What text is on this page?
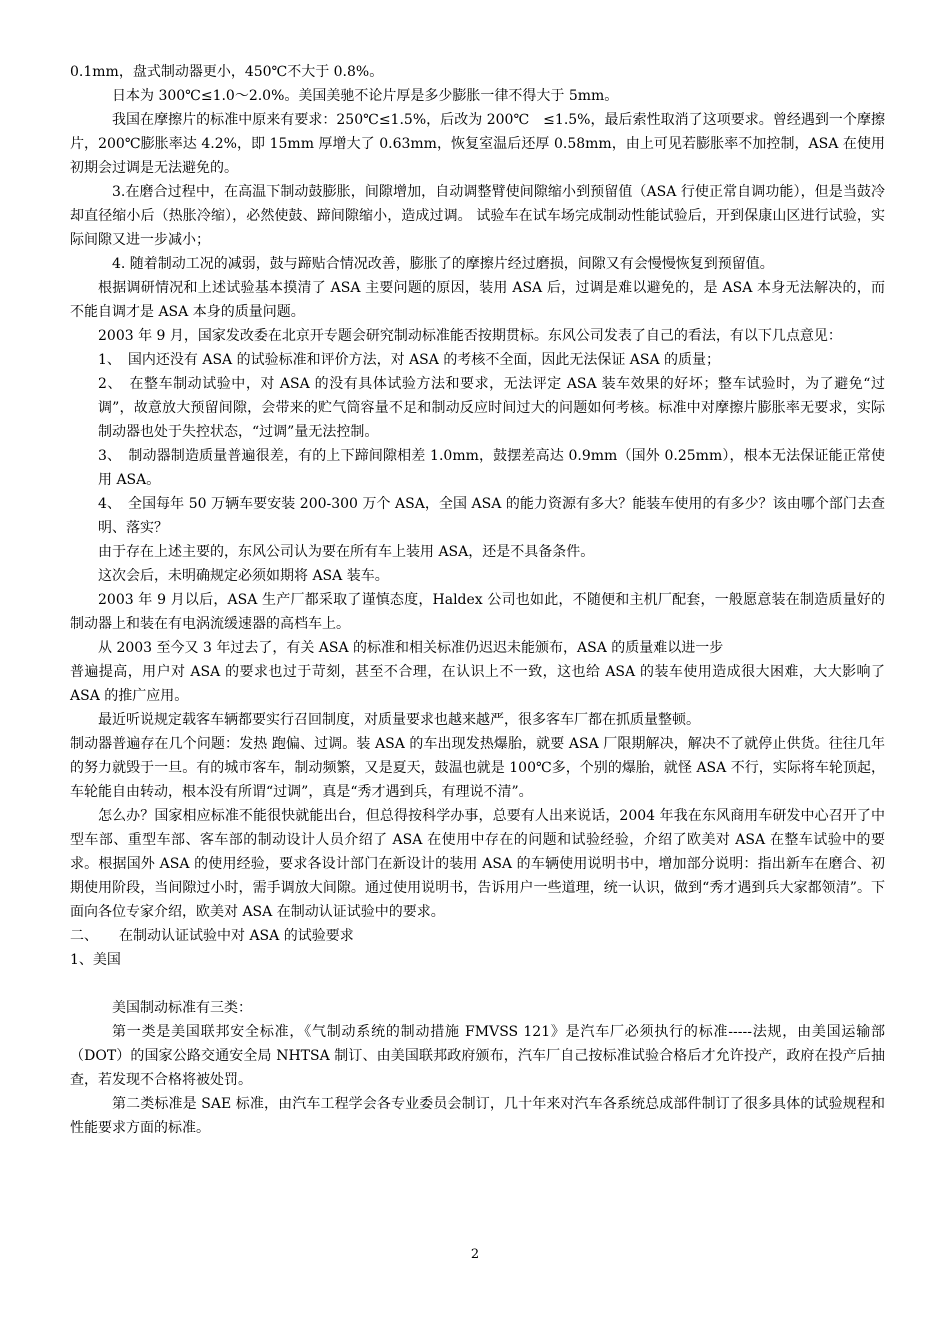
0.1mm，盘式制动器更小，450℃不大于 0.8%。

日本为 300℃≤1.0～2.0%。美国美驰不论片厚是多少膨胀一律不得大于 5mm。

我国在摩擦片的标准中原来有要求：250℃≤1.5%，后改为 200℃　≤1.5%，最后索性取消了这项要求。曾经遇到一个摩擦片，200℃膨胀率达 4.2%，即 15mm 厚增大了 0.63mm，恢复室温后还厚 0.58mm，由上可见若膨胀率不加控制，ASA 在使用初期会过调是无法避免的。

3.在磨合过程中，在高温下制动鼓膨胀，间隙增加，自动调整臂使间隙缩小到预留值（ASA 行使正常自调功能），但是当鼓冷却直径缩小后（热胀冷缩），必然使鼓、蹄间隙缩小，造成过调。 试验车在试车场完成制动性能试验后，开到保康山区进行试验，实际间隙又进一步减小；

4. 随着制动工况的减弱，鼓与蹄贴合情况改善，膨胀了的摩擦片经过磨损，间隙又有会慢慢恢复到预留值。

根据调研情况和上述试验基本摸清了 ASA 主要问题的原因，装用 ASA 后，过调是难以避免的，是 ASA 本身无法解决的，而不能自调才是 ASA 本身的质量问题。

2003 年 9 月，国家发改委在北京开专题会研究制动标准能否按期贯标。东风公司发表了自己的看法，有以下几点意见：

1、　国内还没有 ASA 的试验标准和评价方法，对 ASA 的考核不全面，因此无法保证 ASA 的质量；

2、　在整车制动试验中，对 ASA 的没有具体试验方法和要求，无法评定 ASA 装车效果的好坏；整车试验时，为了避免“过调”，故意放大预留间隙，会带来的贮气筒容量不足和制动反应时间过大的问题如何考核。标准中对摩擦片膨胀率无要求，实际制动器也处于失控状态，“过调”量无法控制。

3、　制动器制造质量普遍很差，有的上下蹄间隙相差 1.0mm，鼓摆差高达 0.9mm（国外 0.25mm），根本无法保证能正常使用 ASA。

4、　全国每年 50 万辆车要安装 200-300 万个 ASA，全国 ASA 的能力资源有多大？能装车使用的有多少？该由哪个部门去查明、落实？

由于存在上述主要的，东风公司认为要在所有车上装用 ASA，还是不具备条件。

这次会后，未明确规定必须如期将 ASA 装车。

2003 年 9 月以后，ASA 生产厂都采取了谨慎态度，Haldex 公司也如此，不随便和主机厂配套，一般愿意装在制造质量好的制动器上和装在有电涡流缓速器的高档车上。

从 2003 至今又 3 年过去了，有关 ASA 的标准和相关标准仍迟迟未能颁布，ASA 的质量难以进一步

普遍提高，用户对 ASA 的要求也过于苛刻，甚至不合理，在认识上不一致，这也给 ASA 的装车使用造成很大困难，大大影响了 ASA 的推广应用。

最近听说规定载客车辆都要实行召回制度，对质量要求也越来越严，很多客车厂都在抓质量整顿。

制动器普遍存在几个问题：发热 跑偏、过调。装 ASA 的车出现发热爆胎，就要 ASA 厂限期解决，解决不了就停止供货。往往几年的努力就毁于一旦。有的城市客车，制动频繁，又是夏天，鼓温也就是 100℃多，个别的爆胎，就怪 ASA 不行，实际将车轮顶起，车轮能自由转动，根本没有所谓“过调”，真是“秀才遇到兵，有理说不清”。

怎么办？国家相应标准不能很快就能出台，但总得按科学办事，总要有人出来说话，2004 年我在东风商用车研发中心召开了中型车部、重型车部、客车部的制动设计人员介绍了 ASA 在使用中存在的问题和试验经验，介绍了欧美对 ASA 在整车试验中的要求。根据国外 ASA 的使用经验，要求各设计部门在新设计的装用 ASA 的车辆使用说明书中，增加部分说明：指出新车在磨合、初期使用阶段，当间隙过小时，需手调放大间隙。通过使用说明书，告诉用户一些道理，统一认识，做到“秀才遇到兵大家都领清”。下面向各位专家介绍，欧美对 ASA 在制动认证试验中的要求。

二、　　在制动认证试验中对 ASA 的试验要求

1、美国

美国制动标准有三类：

第一类是美国联邦安全标准，《气制动系统的制动措施 FMVSS 121》是汽车厂必须执行的标准-----法规，由美国运输部（DOT）的国家公路交通安全局 NHTSA 制订、由美国联邦政府颁布，汽车厂自己按标准试验合格后才允许投产，政府在投产后抽查，若发现不合格将被处罚。

第二类标准是 SAE 标准，由汽车工程学会各专业委员会制订，几十年来对汽车各系统总成部件制订了很多具体的试验规程和性能要求方面的标准。

2
